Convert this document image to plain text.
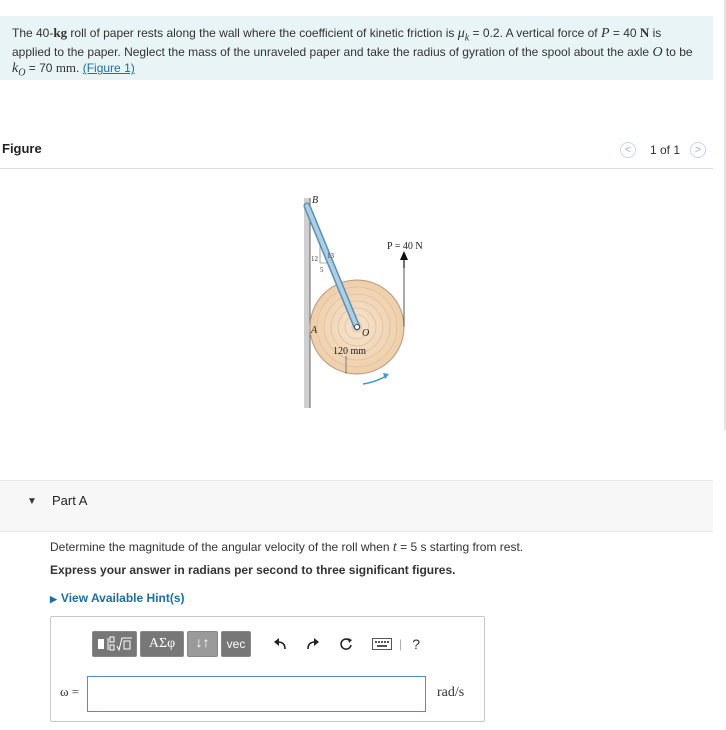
The 40-kg roll of paper rests along the wall where the coefficient of kinetic friction is $\mu_k = 0.2$. A vertical force of P = 40 N is applied to the paper. Neglect the mass of the unraveled paper and take the radius of gyration of the spool about the axle O to be $k_O = 70$ mm. (Figure 1)
Figure	< 1 of 1 >
P = 40 N
13
12
5
B
A	O
120 mm
▼ Part A
Determine the magnitude of the angular velocity of the roll when t = 5 s starting from rest.
Express your answer in radians per second to three significant figures.
▶ View Available Hint(s)
ΑΣφ	↓↑	vec	| ?
ω =	rad/s
